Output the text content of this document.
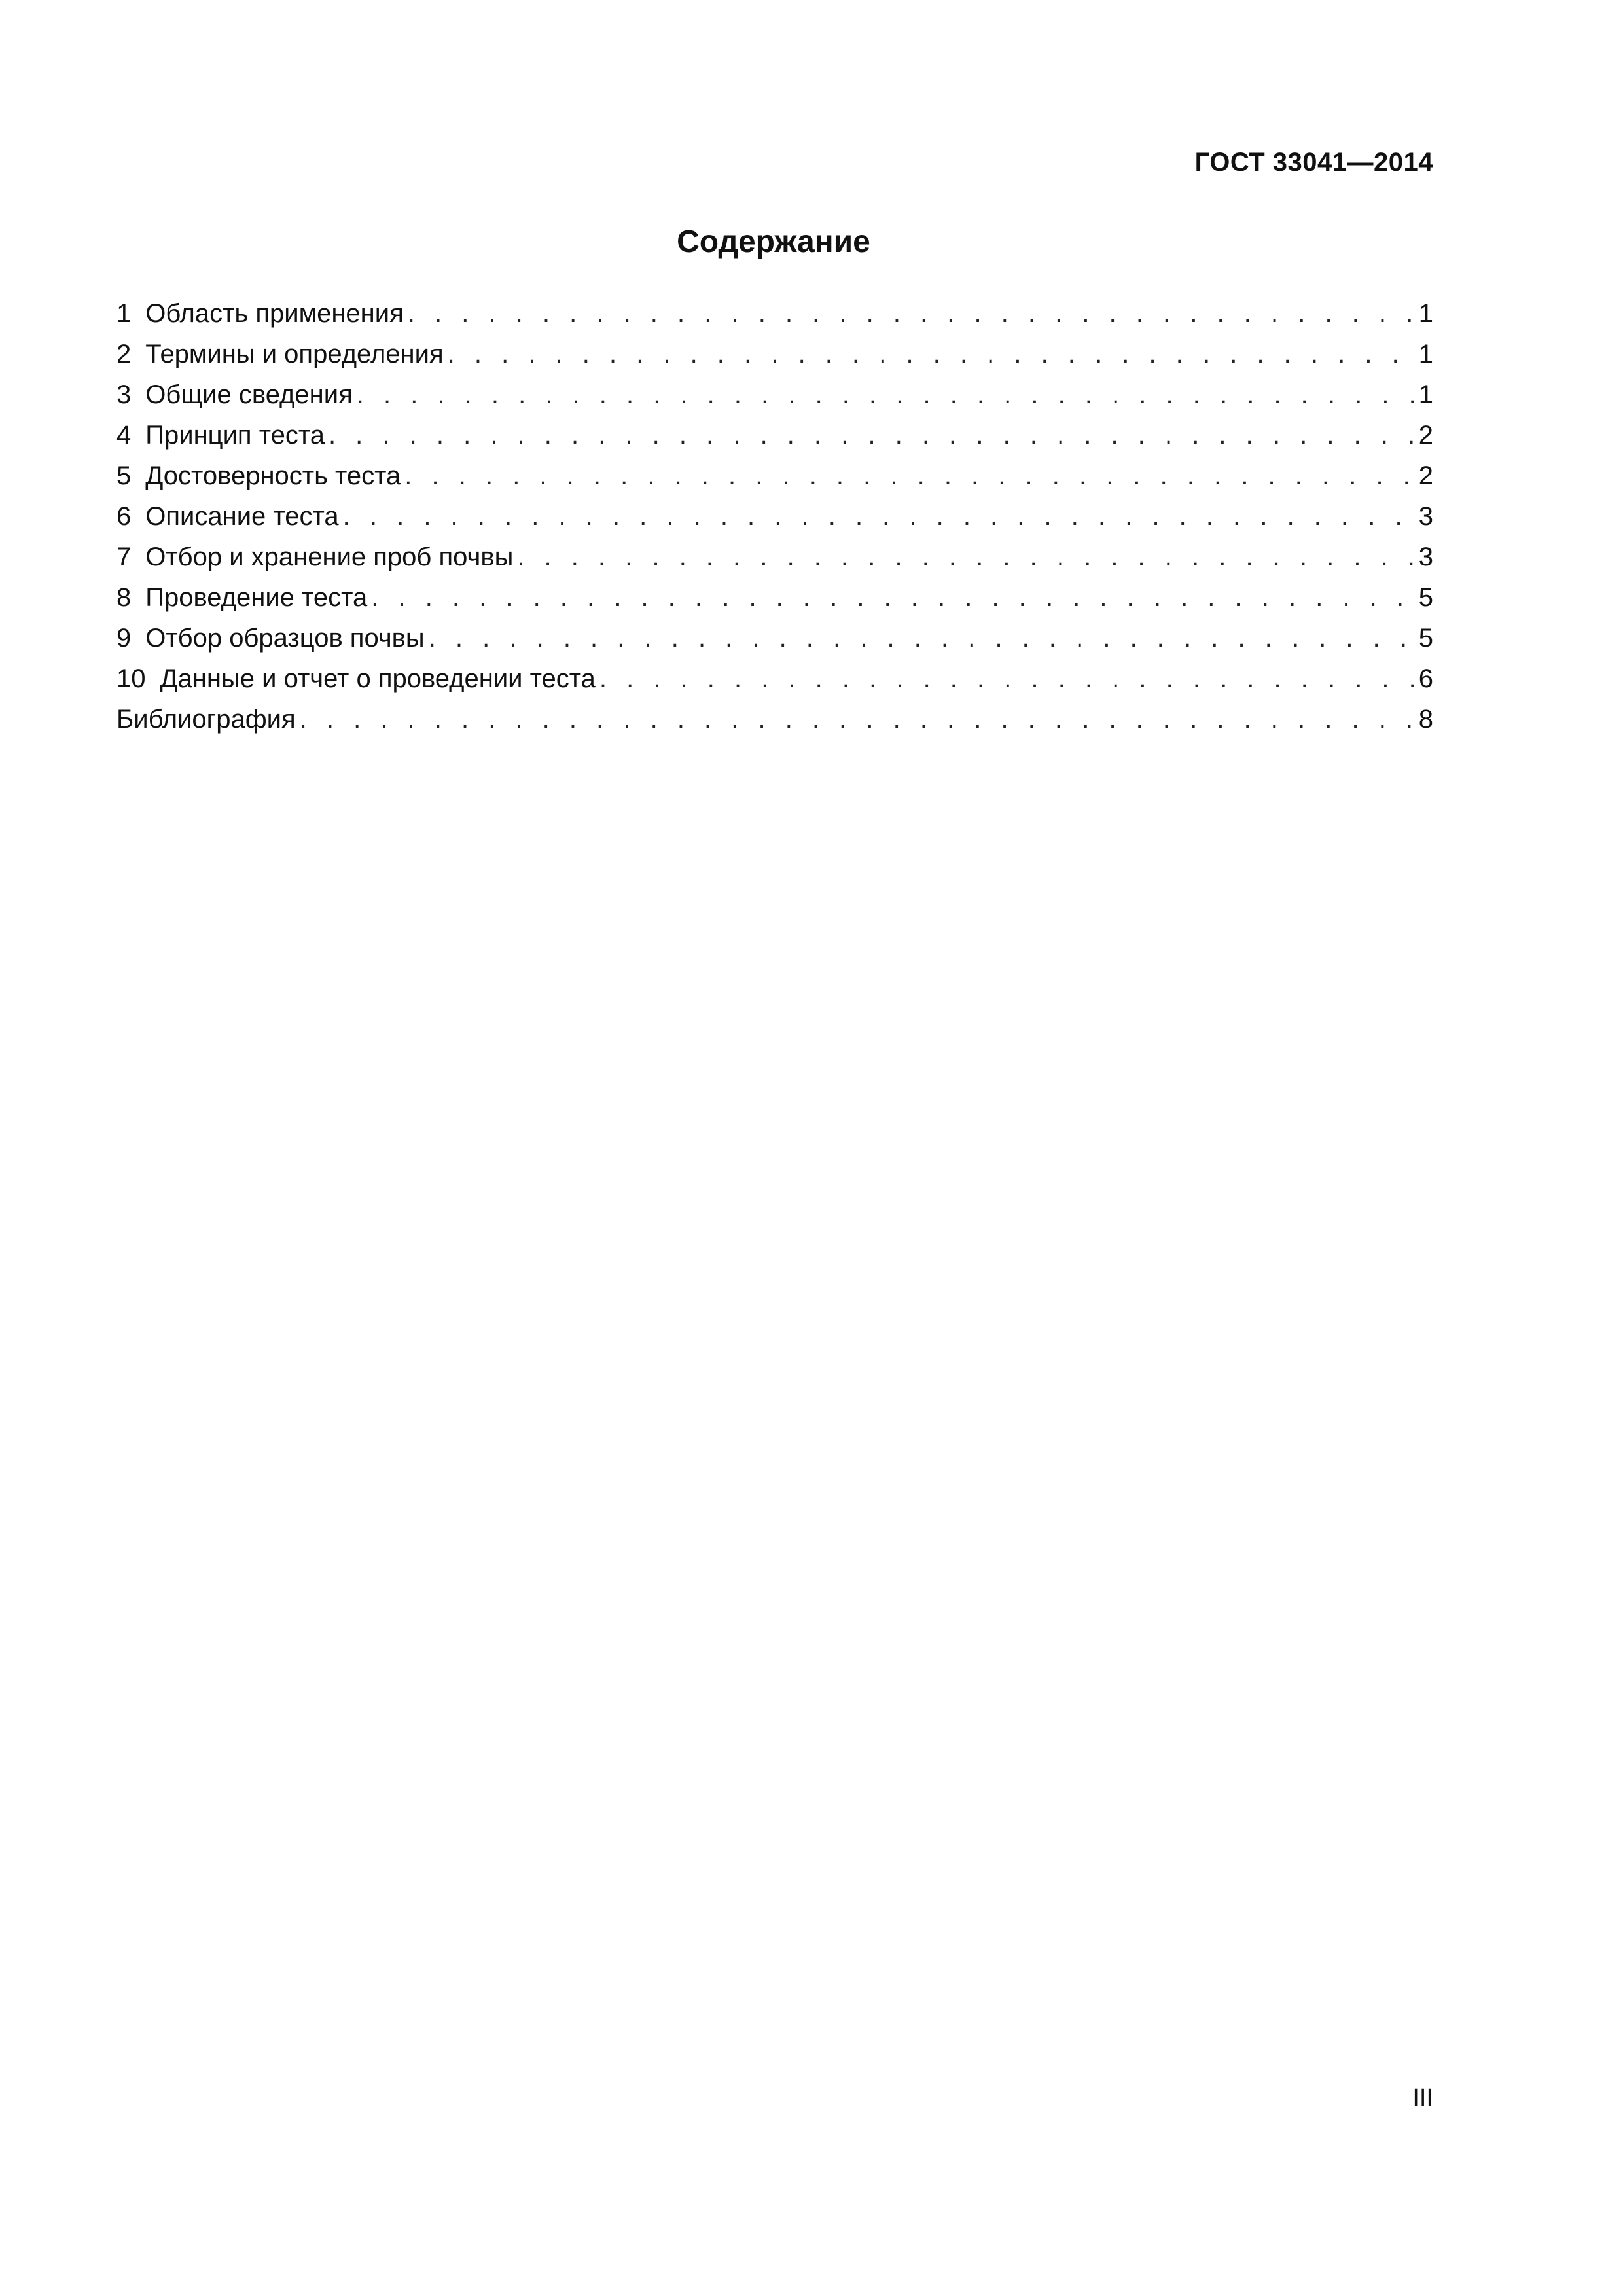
ГОСТ 33041—2014
Содержание
1 Область применения . . .	1
2 Термины и определения . . .	1
3 Общие сведения . . .	1
4 Принцип теста . . .	2
5 Достоверность теста . . .	2
6 Описание теста . . .	3
7 Отбор и хранение проб почвы . . .	3
8 Проведение теста . . .	5
9 Отбор образцов почвы . . .	5
10 Данные и отчет о проведении теста . . .	6
Библиография . . .	8
III
